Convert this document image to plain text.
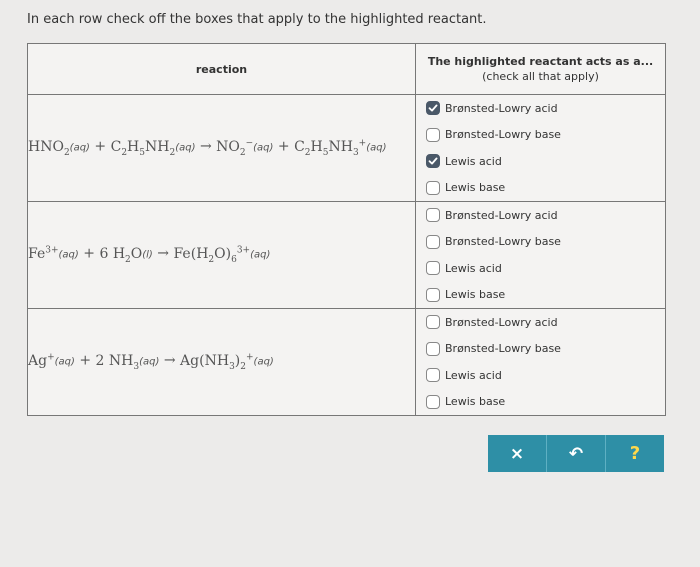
In each row check off the boxes that apply to the highlighted reactant.
reaction	The highlighted reactant acts as a...
(check all that apply)

$HNO_2(aq) + C_2H_5NH_2(aq) \to NO_2^-(aq) + C_2H_5NH_3^+(aq)$	Brønsted-Lowry acid
Brønsted-Lowry base
Lewis acid
Lewis base

$Fe^{3+}(aq) + 6$ $H_2O(l) \to Fe(H_2O)_6^{3+}(aq)$	Brønsted-Lowry acid
Brønsted-Lowry base
Lewis acid
Lewis base

Ag+(aq) + 2 $NH_3(aq) \to Ag(NH_3)_2^+(aq)$	Brønsted-Lowry acid
Brønsted-Lowry base
Lewis acid
Lewis base
×	↶	?
